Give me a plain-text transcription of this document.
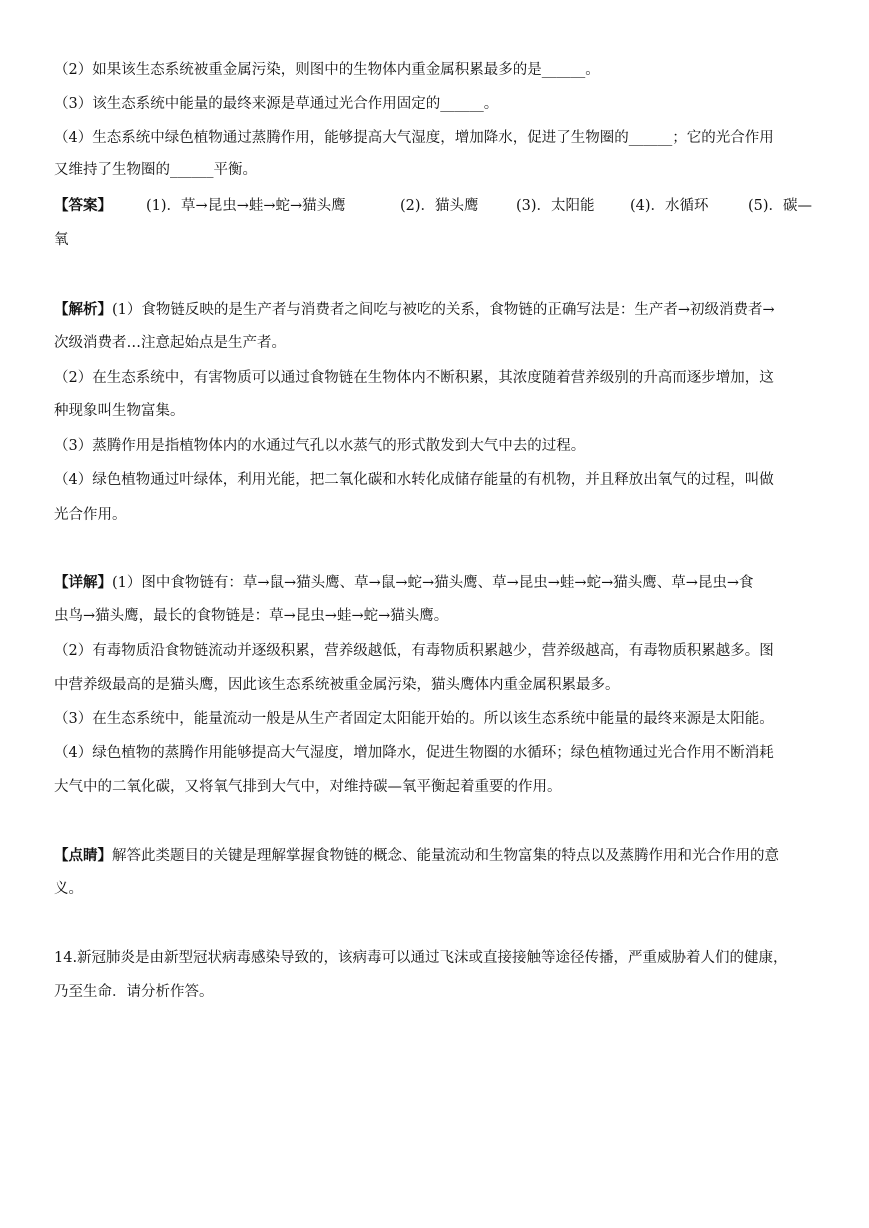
（2）如果该生态系统被重金属污染，则图中的生物体内重金属积累最多的是______。
（3）该生态系统中能量的最终来源是草通过光合作用固定的______。
（4）生态系统中绿色植物通过蒸腾作用，能够提高大气湿度，增加降水，促进了生物圈的______；它的光合作用
又维持了生物圈的______平衡。
【答案】 (1)．草→昆虫→蛙→蛇→猫头鹰	(2)．猫头鹰	(3)．太阳能 (4)．水循环	(5)．碳—
氧
【解析】(1）食物链反映的是生产者与消费者之间吃与被吃的关系，食物链的正确写法是：生产者→初级消费者→
次级消费者…注意起始点是生产者。
（2）在生态系统中，有害物质可以通过食物链在生物体内不断积累，其浓度随着营养级别的升高而逐步增加，这
种现象叫生物富集。
（3）蒸腾作用是指植物体内的水通过气孔以水蒸气的形式散发到大气中去的过程。
（4）绿色植物通过叶绿体，利用光能，把二氧化碳和水转化成储存能量的有机物，并且释放出氧气的过程，叫做
光合作用。
【详解】(1）图中食物链有：草→鼠→猫头鹰、草→鼠→蛇→猫头鹰、草→昆虫→蛙→蛇→猫头鹰、草→昆虫→食
虫鸟→猫头鹰，最长的食物链是：草→昆虫→蛙→蛇→猫头鹰。
（2）有毒物质沿食物链流动并逐级积累，营养级越低，有毒物质积累越少，营养级越高，有毒物质积累越多。图
中营养级最高的是猫头鹰，因此该生态系统被重金属污染，猫头鹰体内重金属积累最多。
（3）在生态系统中，能量流动一般是从生产者固定太阳能开始的。所以该生态系统中能量的最终来源是太阳能。
（4）绿色植物的蒸腾作用能够提高大气湿度，增加降水，促进生物圈的水循环；绿色植物通过光合作用不断消耗
大气中的二氧化碳，又将氧气排到大气中，对维持碳—氧平衡起着重要的作用。
【点睛】解答此类题目的关键是理解掌握食物链的概念、能量流动和生物富集的特点以及蒸腾作用和光合作用的意
义。
14.新冠肺炎是由新型冠状病毒感染导致的，该病毒可以通过飞沫或直接接触等途径传播，严重威胁着人们的健康，
乃至生命．请分析作答。
